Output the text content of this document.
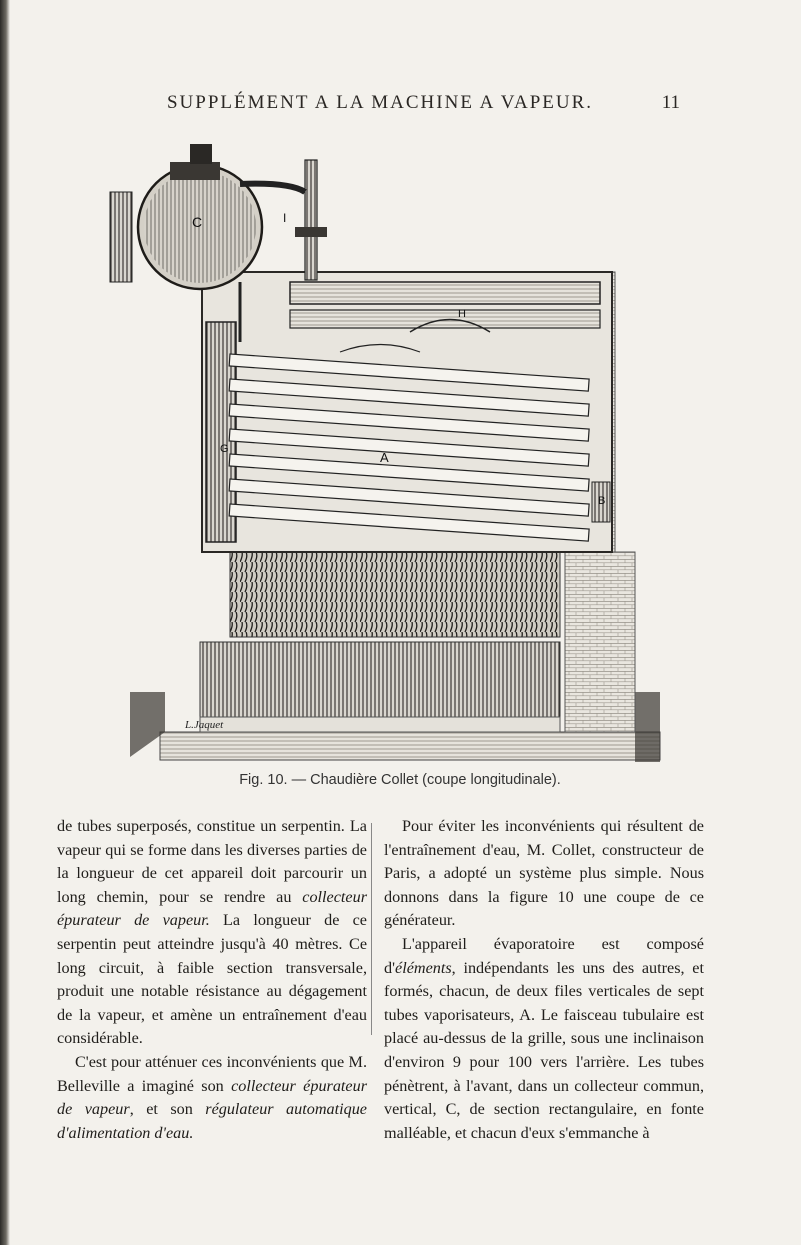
SUPPLÉMENT A LA MACHINE A VAPEUR.	11
C	I
H
A
G
B
L.Jaquet
Fig. 10. — Chaudière Collet (coupe longitudinale).

de tubes superposés, constitue un serpentin. La vapeur qui se forme dans les diverses parties de la longueur de cet appareil doit parcourir un long chemin, pour se rendre au collecteur épurateur de vapeur. La longueur de ce serpentin peut atteindre jusqu'à 40 mètres. Ce long circuit, à faible section transversale, produit une notable résistance au dégagement de la vapeur, et amène un entraînement d'eau considérable.

C'est pour atténuer ces inconvénients que M. Belleville a imaginé son collecteur épurateur de vapeur, et son régulateur automatique d'alimentation d'eau.

Pour éviter les inconvénients qui résultent de l'entraînement d'eau, M. Collet, constructeur de Paris, a adopté un système plus simple. Nous donnons dans la figure 10 une coupe de ce générateur.

L'appareil évaporatoire est composé d'éléments, indépendants les uns des autres, et formés, chacun, de deux files verticales de sept tubes vaporisateurs, A. Le faisceau tubulaire est placé au-dessus de la grille, sous une inclinaison d'environ 9 pour 100 vers l'arrière. Les tubes pénètrent, à l'avant, dans un collecteur commun, vertical, C, de section rectangulaire, en fonte malléable, et chacun d'eux s'emmanche à
